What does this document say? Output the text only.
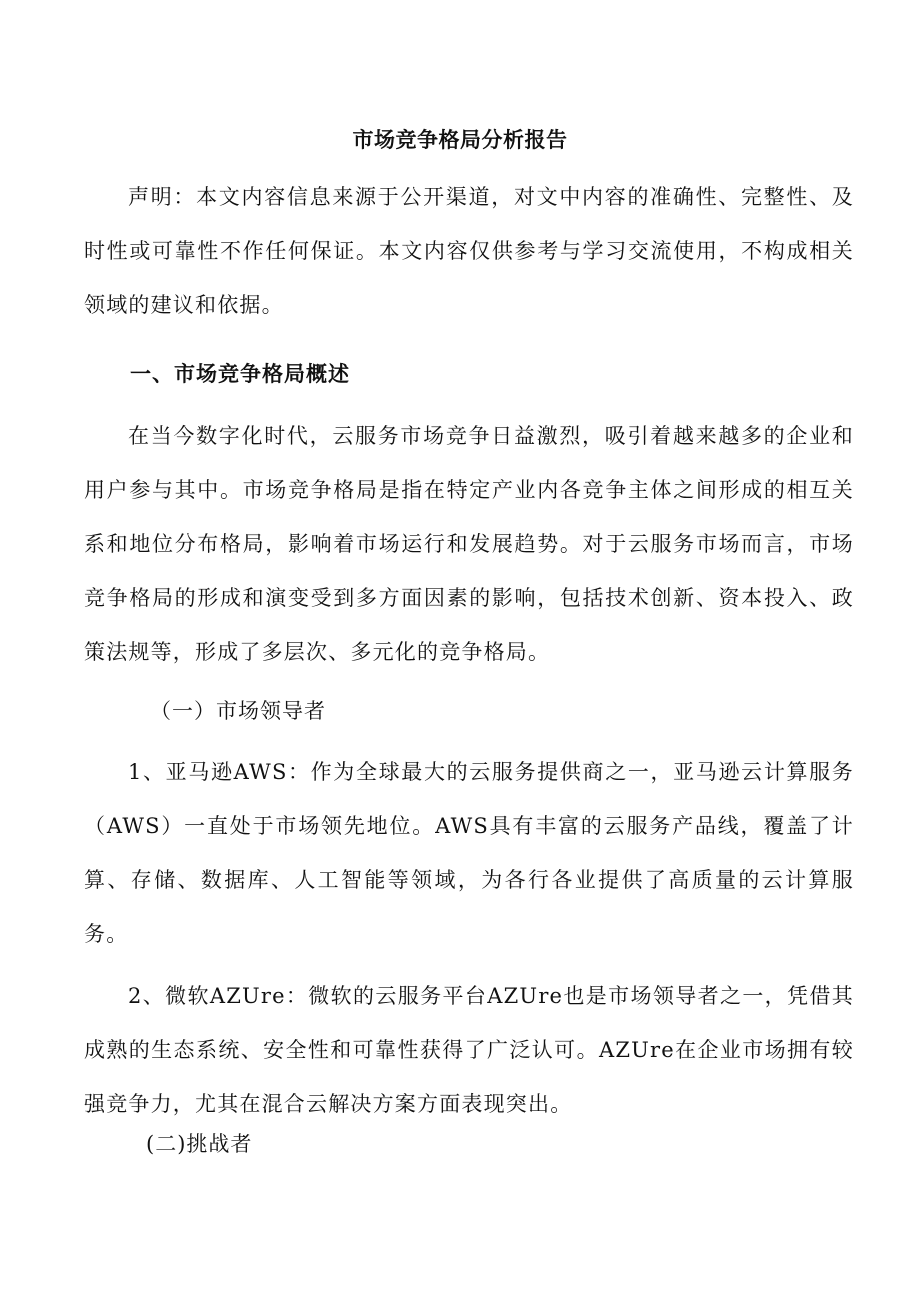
市场竞争格局分析报告

声明：本文内容信息来源于公开渠道，对文中内容的准确性、完整性、及时性或可靠性不作任何保证。本文内容仅供参考与学习交流使用，不构成相关领域的建议和依据。

一、市场竞争格局概述

在当今数字化时代，云服务市场竞争日益激烈，吸引着越来越多的企业和用户参与其中。市场竞争格局是指在特定产业内各竞争主体之间形成的相互关系和地位分布格局，影响着市场运行和发展趋势。对于云服务市场而言，市场竞争格局的形成和演变受到多方面因素的影响，包括技术创新、资本投入、政策法规等，形成了多层次、多元化的竞争格局。

（一）市场领导者

1、亚马逊AWS：作为全球最大的云服务提供商之一，亚马逊云计算服务（AWS）一直处于市场领先地位。AWS具有丰富的云服务产品线，覆盖了计算、存储、数据库、人工智能等领域，为各行各业提供了高质量的云计算服务。

2、微软AZUre：微软的云服务平台AZUre也是市场领导者之一，凭借其成熟的生态系统、安全性和可靠性获得了广泛认可。AZUre在企业市场拥有较强竞争力，尤其在混合云解决方案方面表现突出。

(二)挑战者
